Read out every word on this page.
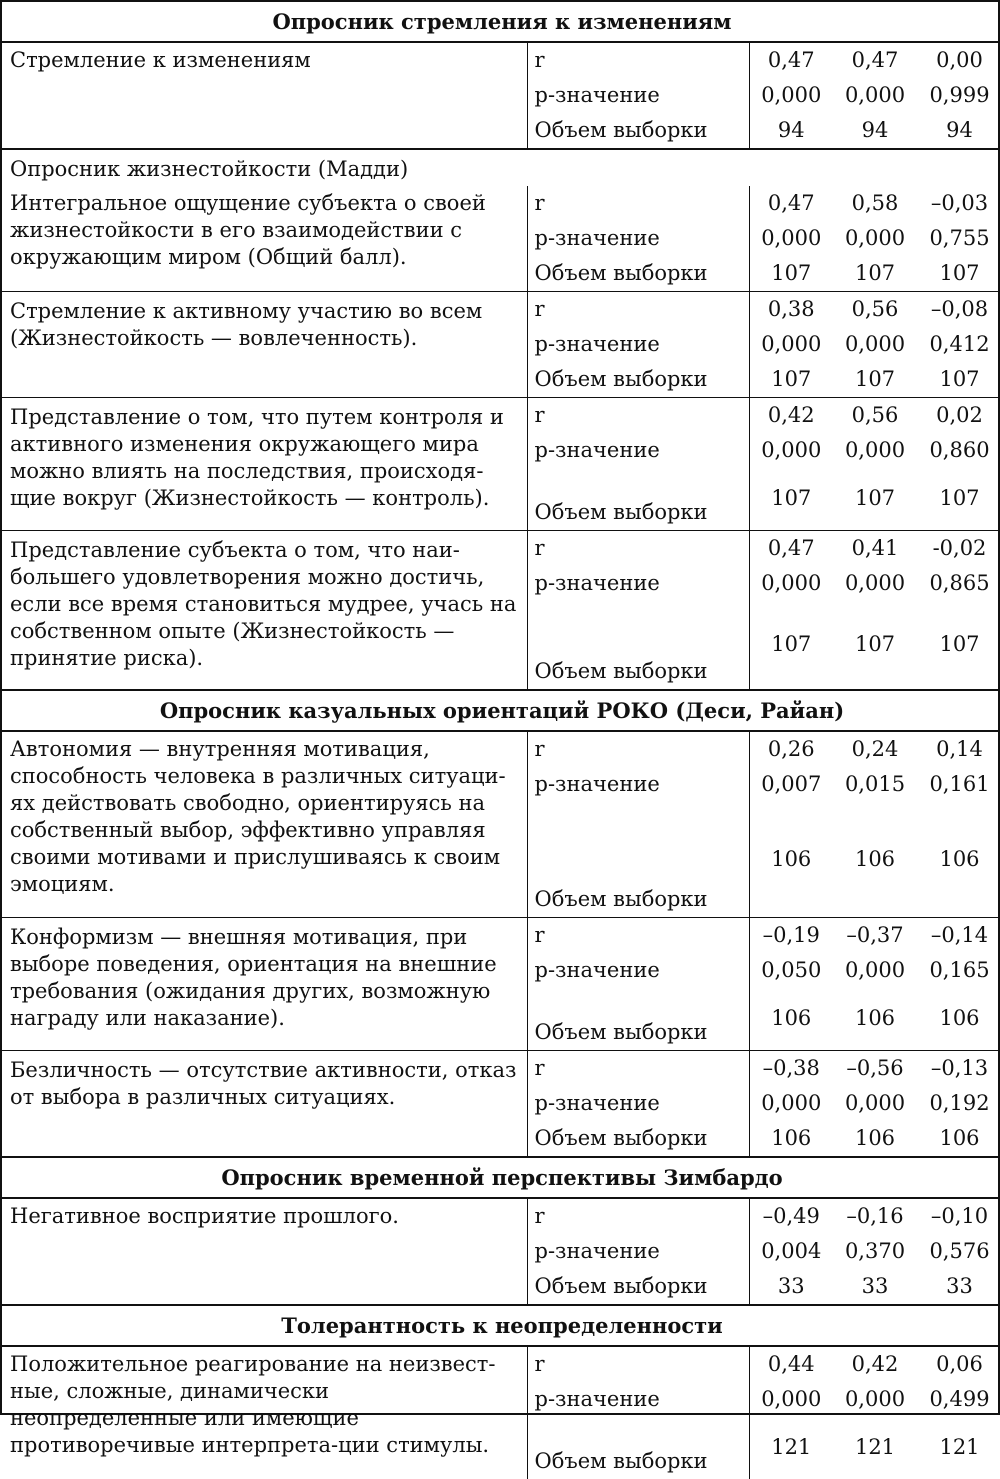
Опросник стремления к изменениям				
Стремление к изменениям	r	0,47	0,47	0,00
	р-значение	0,000	0,000	0,999
	Объем выборки	94	94	94
Опросник жизнестойкости (Мадди)				
Интегральное ощущение субъекта о своей жизнестойкости в его взаимодействии с окружающим миром (Общий балл).	r	0,47	0,58	–0,03
	р-значение	0,000	0,000	0,755
	Объем выборки	107	107	107
Стремление к активному участию во всем (Жизнестойкость — вовлеченность).	r	0,38	0,56	–0,08
	р-значение	0,000	0,000	0,412
	Объем выборки	107	107	107
Представление о том, что путем контроля и активного изменения окружающего мира можно влиять на последствия, происходя-щие вокруг (Жизнестойкость — контроль).	r	0,42	0,56	0,02
	р-значение	0,000	0,000	0,860
	Объем выборки	107	107	107
Представление субъекта о том, что наи-большего удовлетворения можно достичь, если все время становиться мудрее, учась на собственном опыте (Жизнестойкость — принятие риска).	r	0,47	0,41	-0,02
	р-значение	0,000	0,000	0,865
	Объем выборки	107	107	107
Опросник казуальных ориентаций РОКО (Деси, Райан)				
Автономия — внутренняя мотивация, способность человека в различных ситуаци-ях действовать свободно, ориентируясь на собственный выбор, эффективно управляя своими мотивами и прислушиваясь к своим эмоциям.	r	0,26	0,24	0,14
	р-значение	0,007	0,015	0,161
	Объем выборки	106	106	106
Конформизм — внешняя мотивация, при выборе поведения, ориентация на внешние требования (ожидания других, возможную награду или наказание).	r	–0,19	–0,37	–0,14
	р-значение	0,050	0,000	0,165
	Объем выборки	106	106	106
Безличность — отсутствие активности, отказ от выбора в различных ситуациях.	r	–0,38	–0,56	–0,13
	р-значение	0,000	0,000	0,192
	Объем выборки	106	106	106
Опросник временной перспективы Зимбардо				
Негативное восприятие прошлого.	r	–0,49	–0,16	–0,10
	р-значение	0,004	0,370	0,576
	Объем выборки	33	33	33
Толерантность к неопределенности				
Положительное реагирование на неизвест-ные, сложные, динамически неопределенные или имеющие противоречивые интерпрета-ции стимулы.	r	0,44	0,42	0,06
	р-значение	0,000	0,000	0,499
	Объем выборки	121	121	121
